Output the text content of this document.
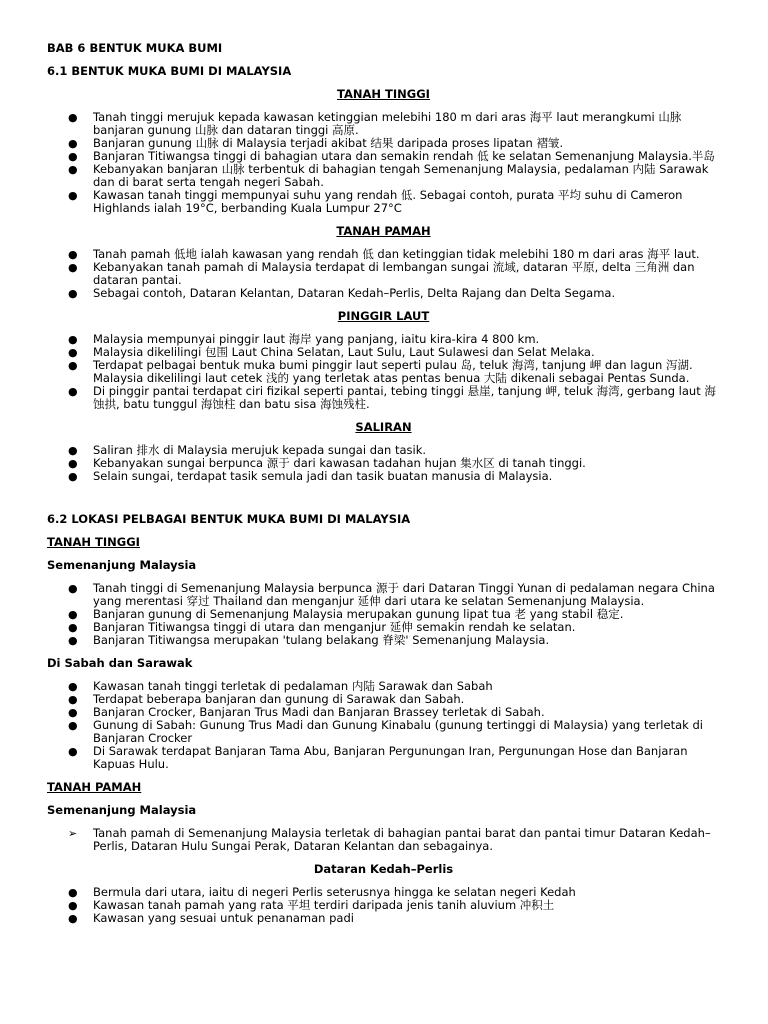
BAB 6 BENTUK MUKA BUMI

6.1 BENTUK MUKA BUMI DI MALAYSIA

TANAH TINGGI

● Tanah tinggi merujuk kepada kawasan ketinggian melebihi 180 m dari aras 海平 laut merangkumi 山脉 banjaran gunung 山脉 dan dataran tinggi 高原.
● Banjaran gunung 山脉 di Malaysia terjadi akibat 结果 daripada proses lipatan 褶皱.
● Banjaran Titiwangsa tinggi di bahagian utara dan semakin rendah 低 ke selatan Semenanjung Malaysia.半岛
● Kebanyakan banjaran 山脉 terbentuk di bahagian tengah Semenanjung Malaysia, pedalaman 内陆 Sarawak dan di barat serta tengah negeri Sabah.
● Kawasan tanah tinggi mempunyai suhu yang rendah 低. Sebagai contoh, purata 平均 suhu di Cameron Highlands ialah 19°C, berbanding Kuala Lumpur 27°C

TANAH PAMAH

● Tanah pamah 低地 ialah kawasan yang rendah 低 dan ketinggian tidak melebihi 180 m dari aras 海平 laut.
● Kebanyakan tanah pamah di Malaysia terdapat di lembangan sungai 流域, dataran 平原, delta 三角洲 dan dataran pantai.
● Sebagai contoh, Dataran Kelantan, Dataran Kedah–Perlis, Delta Rajang dan Delta Segama.

PINGGIR LAUT

● Malaysia mempunyai pinggir laut 海岸 yang panjang, iaitu kira-kira 4 800 km.
● Malaysia dikelilingi 包围 Laut China Selatan, Laut Sulu, Laut Sulawesi dan Selat Melaka.
● Terdapat pelbagai bentuk muka bumi pinggir laut seperti pulau 岛, teluk 海湾, tanjung 岬 dan lagun 泻湖. Malaysia dikelilingi laut cetek 浅的 yang terletak atas pentas benua 大陆 dikenali sebagai Pentas Sunda.
● Di pinggir pantai terdapat ciri fizikal seperti pantai, tebing tinggi 悬崖, tanjung 岬, teluk 海湾, gerbang laut 海蚀拱, batu tunggul 海蚀柱 dan batu sisa 海蚀残柱.

SALIRAN

● Saliran 排水 di Malaysia merujuk kepada sungai dan tasik.
● Kebanyakan sungai berpunca 源于 dari kawasan tadahan hujan 集水区 di tanah tinggi.
● Selain sungai, terdapat tasik semula jadi dan tasik buatan manusia di Malaysia.

6.2 LOKASI PELBAGAI BENTUK MUKA BUMI DI MALAYSIA

TANAH TINGGI

Semenanjung Malaysia

● Tanah tinggi di Semenanjung Malaysia berpunca 源于 dari Dataran Tinggi Yunan di pedalaman negara China yang merentasi 穿过 Thailand dan menganjur 延伸 dari utara ke selatan Semenanjung Malaysia.
● Banjaran gunung di Semenanjung Malaysia merupakan gunung lipat tua 老 yang stabil 稳定.
● Banjaran Titiwangsa tinggi di utara dan menganjur 延伸 semakin rendah ke selatan.
● Banjaran Titiwangsa merupakan 'tulang belakang 脊梁' Semenanjung Malaysia.

Di Sabah dan Sarawak

● Kawasan tanah tinggi terletak di pedalaman 内陆 Sarawak dan Sabah
● Terdapat beberapa banjaran dan gunung di Sarawak dan Sabah.
● Banjaran Crocker, Banjaran Trus Madi dan Banjaran Brassey terletak di Sabah.
● Gunung di Sabah: Gunung Trus Madi dan Gunung Kinabalu (gunung tertinggi di Malaysia) yang terletak di Banjaran Crocker
● Di Sarawak terdapat Banjaran Tama Abu, Banjaran Pergunungan Iran, Pergunungan Hose dan Banjaran Kapuas Hulu.

TANAH PAMAH

Semenanjung Malaysia

➢ Tanah pamah di Semenanjung Malaysia terletak di bahagian pantai barat dan pantai timur Dataran Kedah–Perlis, Dataran Hulu Sungai Perak, Dataran Kelantan dan sebagainya.

Dataran Kedah–Perlis

● Bermula dari utara, iaitu di negeri Perlis seterusnya hingga ke selatan negeri Kedah
● Kawasan tanah pamah yang rata 平坦 terdiri daripada jenis tanih aluvium 冲积土
● Kawasan yang sesuai untuk penanaman padi
